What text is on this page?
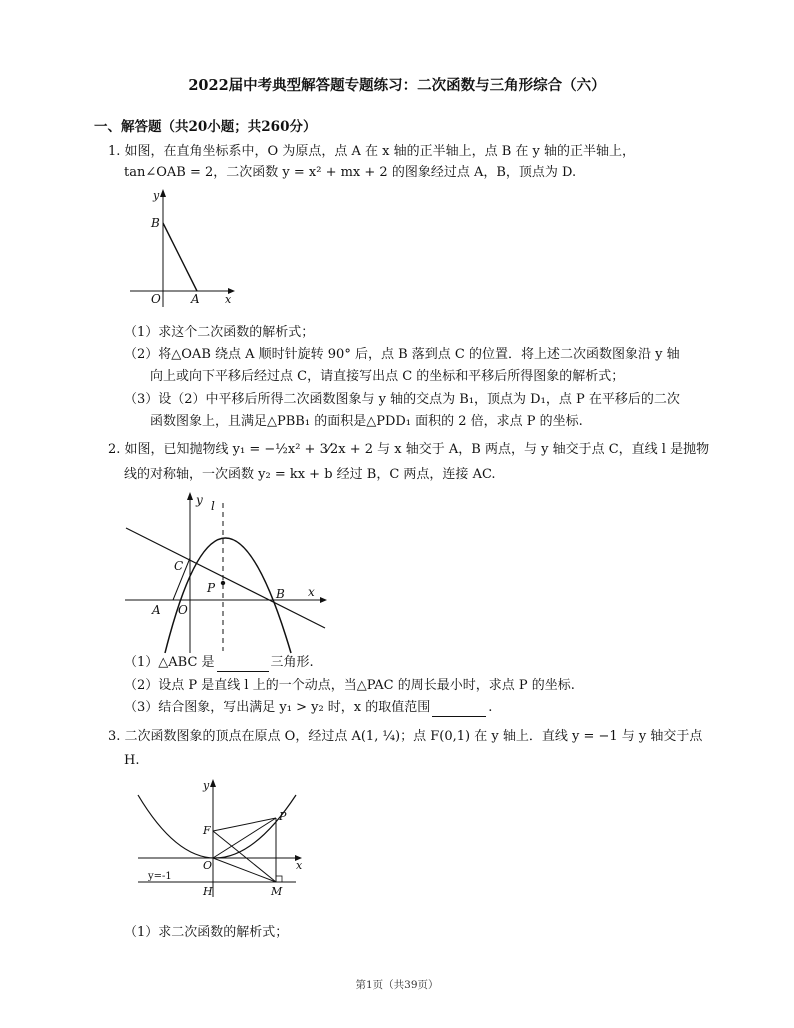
2022届中考典型解答题专题练习：二次函数与三角形综合（六）
一、解答题（共20小题；共260分）
1. 如图，在直角坐标系中，O 为原点，点 A 在 x 轴的正半轴上，点 B 在 y 轴的正半轴上，
tan∠OAB = 2，二次函数 y = x² + mx + 2 的图象经过点 A，B，顶点为 D.
y
B
O	A x
（1）求这个二次函数的解析式；
（2）将△OAB 绕点 A 顺时针旋转 90° 后，点 B 落到点 C 的位置．将上述二次函数图象沿 y 轴
向上或向下平移后经过点 C，请直接写出点 C 的坐标和平移后所得图象的解析式；
（3）设（2）中平移后所得二次函数图象与 y 轴的交点为 B₁，顶点为 D₁，点 P 在平移后的二次
函数图象上，且满足△PBB₁ 的面积是△PDD₁ 面积的 2 倍，求点 P 的坐标.
2. 如图，已知抛物线 y₁ = −½x² + 3⁄2x + 2 与 x 轴交于 A，B 两点，与 y 轴交于点 C，直线 l 是抛物
线的对称轴，一次函数 y₂ = kx + b 经过 B，C 两点，连接 AC.
y l
C
P	B x
A O
（1）△ABC 是	三角形.
（2）设点 P 是直线 l 上的一个动点，当△PAC 的周长最小时，求点 P 的坐标.
（3）结合图象，写出满足 y₁ > y₂ 时，x 的取值范围	.
3. 二次函数图象的顶点在原点 O，经过点 A(1, ¼)；点 F(0,1) 在 y 轴上．直线 y = −1 与 y 轴交于点
H.
y
F
P
O	x
y=-1
H	M
（1）求二次函数的解析式；
第1页（共39页）
